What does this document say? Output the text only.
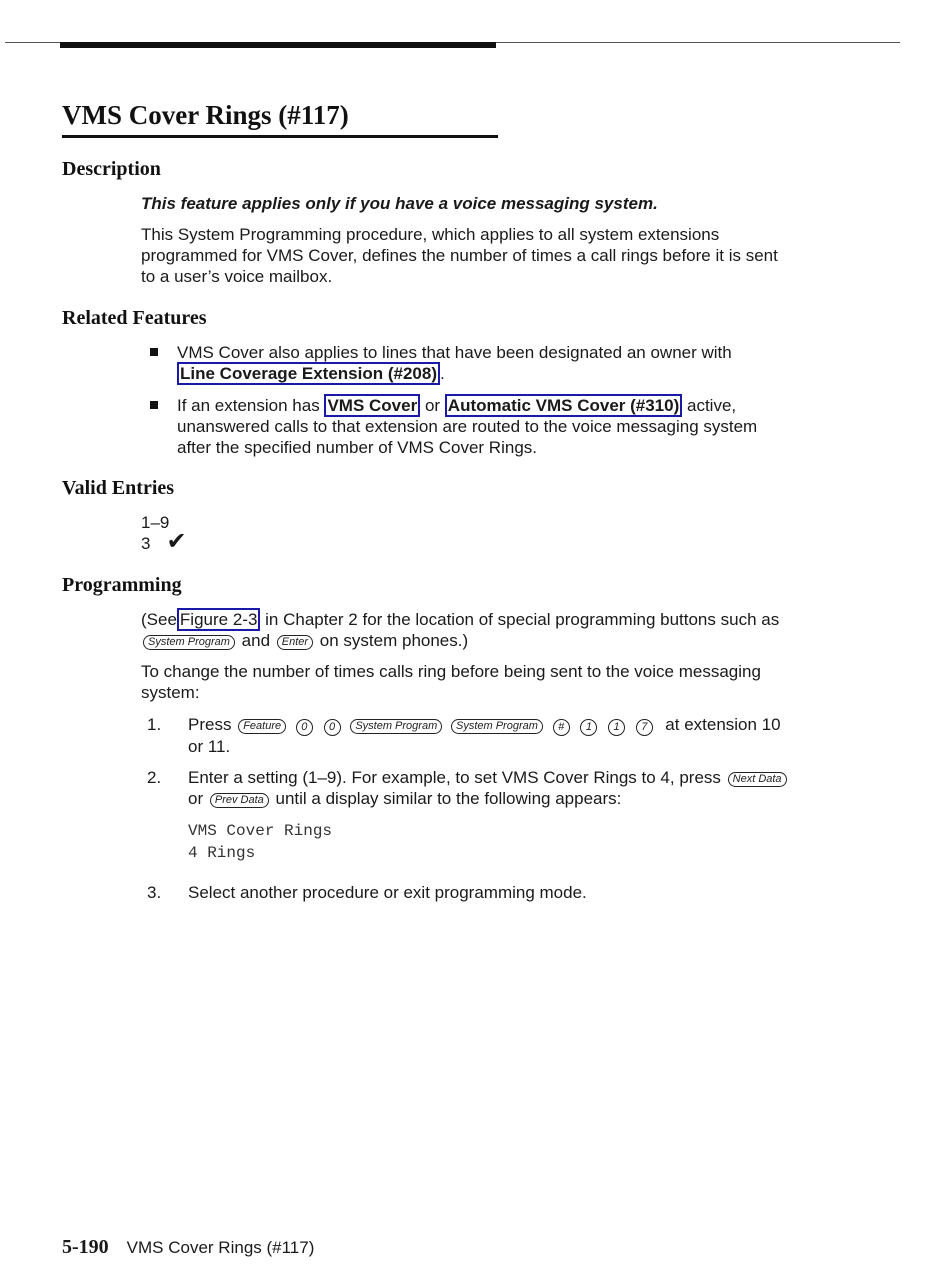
VMS Cover Rings (#117)
Description

This feature applies only if you have a voice messaging system.

This System Programming procedure, which applies to all system extensions programmed for VMS Cover, defines the number of times a call rings before it is sent to a user’s voice mailbox.

Related Features
VMS Cover also applies to lines that have been designated an owner with Line Coverage Extension (#208) .
If an extension has VMS Cover or Automatic VMS Cover (#310) active, unanswered calls to that extension are routed to the voice messaging system after the specified number of VMS Cover Rings.
Valid Entries
1–9
3 ✔
Programming

(See Figure 2-3 in Chapter 2 for the location of special programming buttons such as System Program and Enter on system phones.)

To change the number of times calls ring before being sent to the voice messaging system:

1. Press Feature 0 0 System Program System Program # 1 1 7 at extension 10 or 11.
2. Enter a setting (1–9). For example, to set VMS Cover Rings to 4, press Next Data or Prev Data until a display similar to the following appears:
VMS Cover Rings
4 Rings
3. Select another procedure or exit programming mode.
5-190 VMS Cover Rings (#117)
